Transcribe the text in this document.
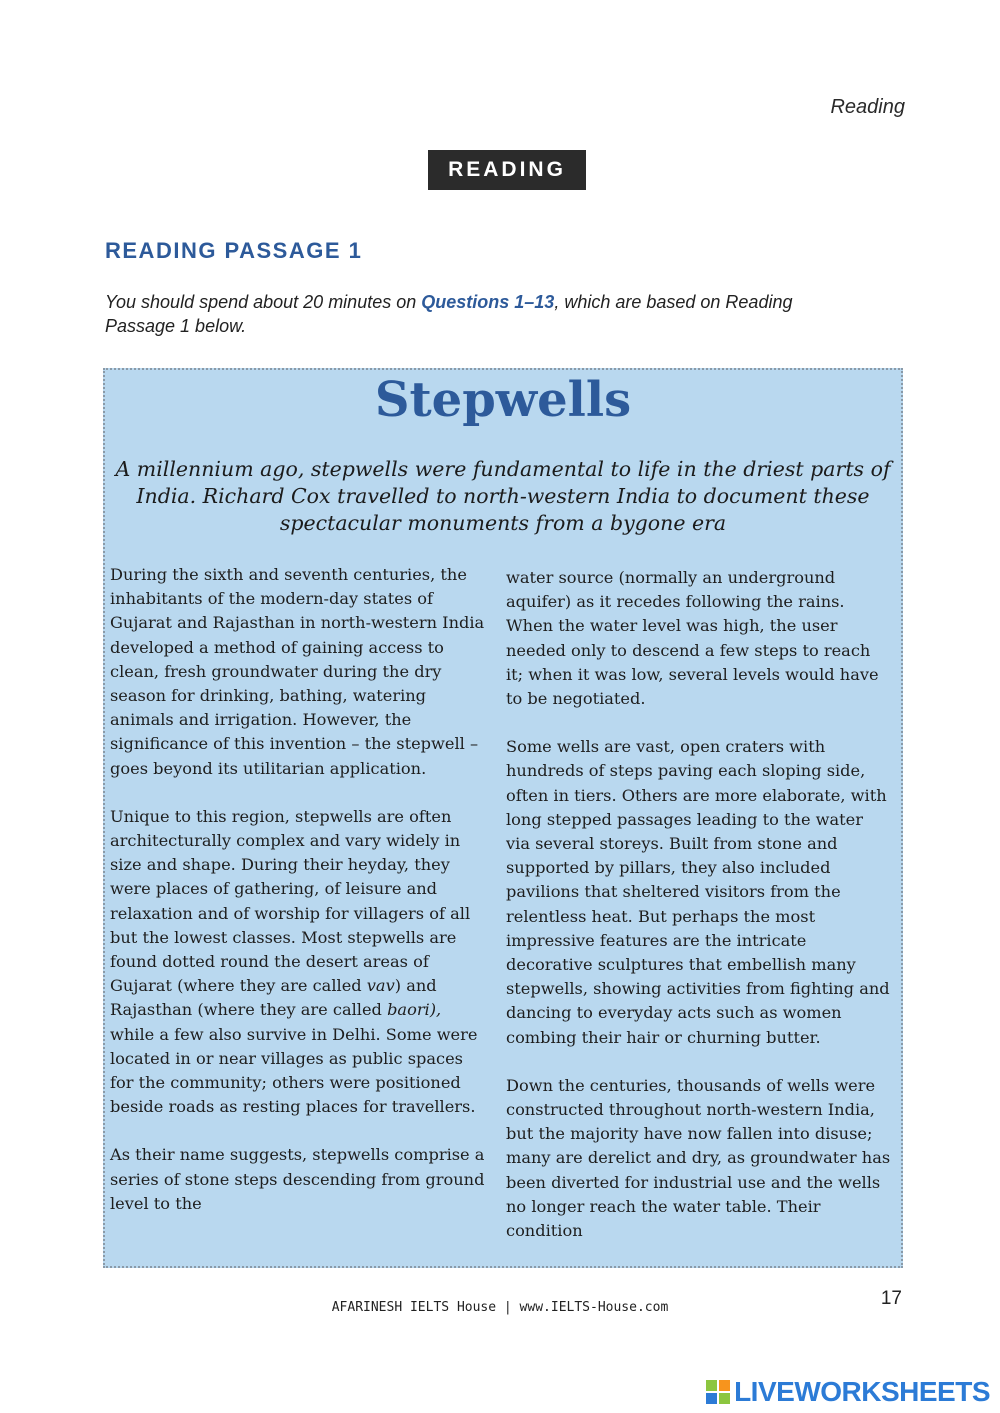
Reading
READING
READING PASSAGE 1
You should spend about 20 minutes on Questions 1–13, which are based on Reading Passage 1 below.
Stepwells
A millennium ago, stepwells were fundamental to life in the driest parts of India. Richard Cox travelled to north-western India to document these spectacular monuments from a bygone era

During the sixth and seventh centuries, the inhabitants of the modern-day states of Gujarat and Rajasthan in north-western India developed a method of gaining access to clean, fresh groundwater during the dry season for drinking, bathing, watering animals and irrigation. However, the significance of this invention – the stepwell – goes beyond its utilitarian application.

Unique to this region, stepwells are often architecturally complex and vary widely in size and shape. During their heyday, they were places of gathering, of leisure and relaxation and of worship for villagers of all but the lowest classes. Most stepwells are found dotted round the desert areas of Gujarat (where they are called vav) and Rajasthan (where they are called baori), while a few also survive in Delhi. Some were located in or near villages as public spaces for the community; others were positioned beside roads as resting places for travellers.

As their name suggests, stepwells comprise a series of stone steps descending from ground level to the

water source (normally an underground aquifer) as it recedes following the rains. When the water level was high, the user needed only to descend a few steps to reach it; when it was low, several levels would have to be negotiated.

Some wells are vast, open craters with hundreds of steps paving each sloping side, often in tiers. Others are more elaborate, with long stepped passages leading to the water via several storeys. Built from stone and supported by pillars, they also included pavilions that sheltered visitors from the relentless heat. But perhaps the most impressive features are the intricate decorative sculptures that embellish many stepwells, showing activities from fighting and dancing to everyday acts such as women combing their hair or churning butter.

Down the centuries, thousands of wells were constructed throughout north-western India, but the majority have now fallen into disuse; many are derelict and dry, as groundwater has been diverted for industrial use and the wells no longer reach the water table. Their condition

17
AFARINESH IELTS House | www.IELTS-House.com
LIVEWORKSHEETS
